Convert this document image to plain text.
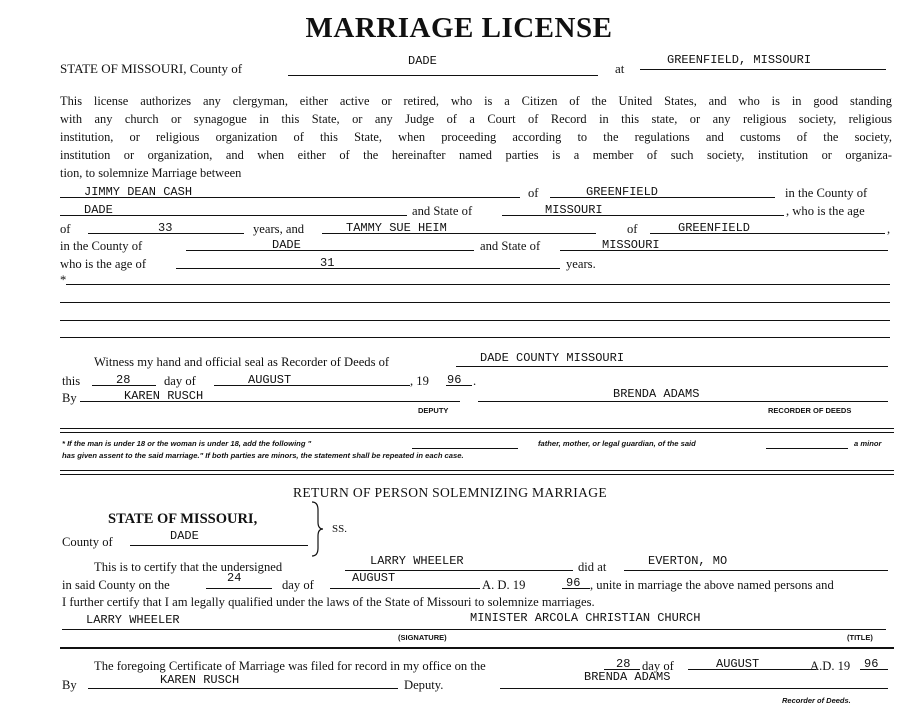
MARRIAGE LICENSE
STATE OF MISSOURI, County of	DADE	at
GREENFIELD, MISSOURI
This license authorizes any clergyman, either active or retired, who is a Citizen of the United States, and who is in good standing
with any church or synagogue in this State, or any Judge of a Court of Record in this state, or any religious society, religious
institution, or religious organization of this State, when proceeding according to the regulations and customs of the society,
institution or organization, and when either of the hereinafter named parties is a member of such society, institution or organiza-
tion, to solemnize Marriage between
JIMMY DEAN CASH	of	GREENFIELD	in the County of
DADE	and State of	MISSOURI	, who is the age
of	33	years, and	TAMMY SUE HEIM	of	GREENFIELD	,
in the County of	DADE	and State of	MISSOURI
who is the age of	31	years.
*
Witness my hand and official seal as Recorder of Deeds of	DADE COUNTY MISSOURI
this	28	day of	AUGUST	, 19 96 .
By	KAREN RUSCH	BRENDA ADAMS
DEPUTY	RECORDER OF DEEDS
* If the man is under 18 or the woman is under 18, add the following "	father, mother, or legal guardian, of the said	a minor
has given assent to the said marriage." If both parties are minors, the statement shall be repeated in each case.
RETURN OF PERSON SOLEMNIZING MARRIAGE
STATE OF MISSOURI,
County of	DADE	SS.
This is to certify that the undersigned	LARRY WHEELER	did at	EVERTON, MO
in said County on the	24	day of	AUGUST	A. D. 19	96 , unite in marriage the above named persons and
I further certify that I am legally qualified under the laws of the State of Missouri to solemnize marriages.
LARRY WHEELER	MINISTER ARCOLA CHRISTIAN CHURCH
(SIGNATURE)	(TITLE)
The foregoing Certificate of Marriage was filed for record in my office on the	28 day of	AUGUST	A.D. 19 96
By	KAREN RUSCH	Deputy.
BRENDA ADAMS
Recorder of Deeds.
